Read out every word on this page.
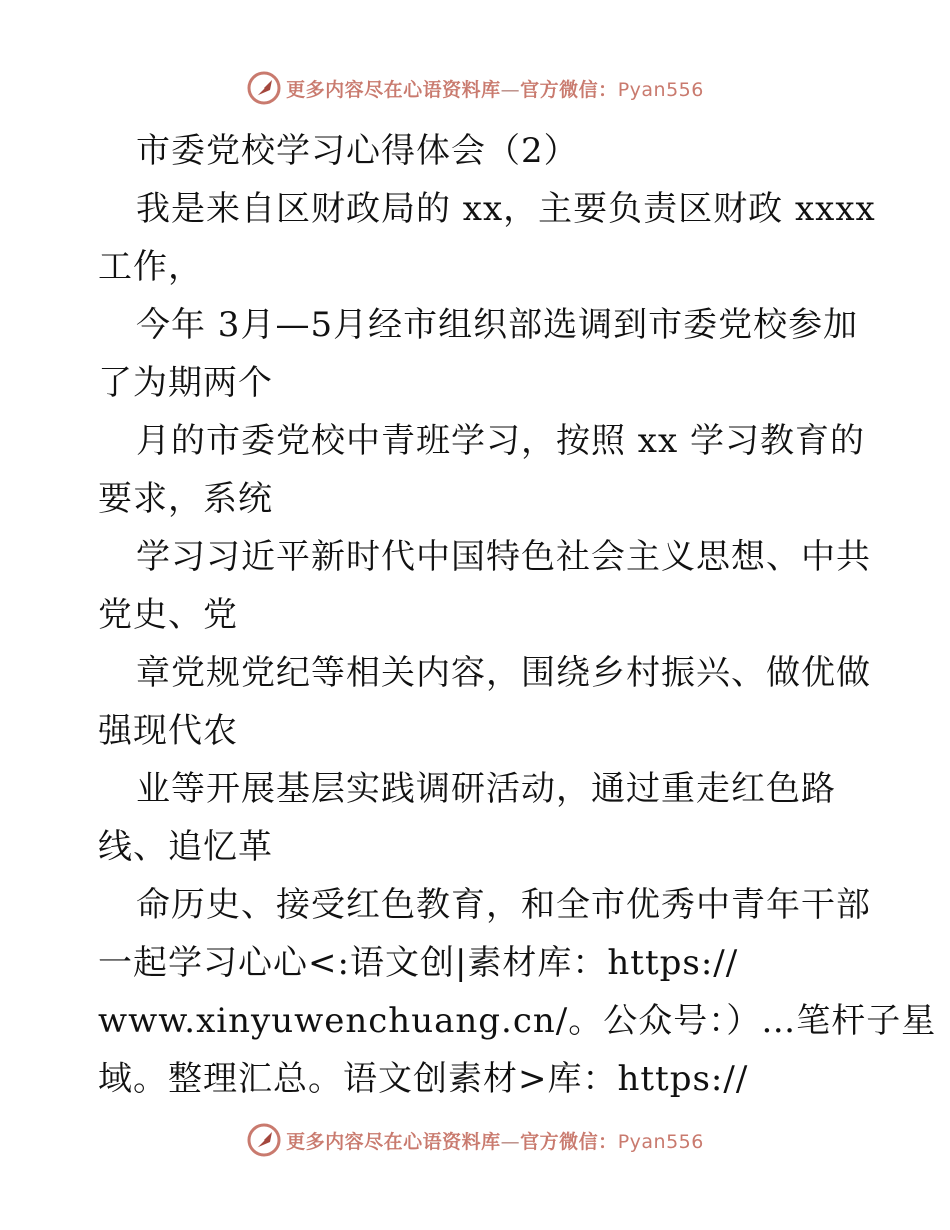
更多内容尽在心语资料库—官方微信：Pyan556
市委党校学习心得体会（2）
我是来自区财政局的 xx，主要负责区财政 xxxx
工作，
今年 3月—5月经市组织部选调到市委党校参加
了为期两个
月的市委党校中青班学习，按照 xx 学习教育的
要求，系统
学习习近平新时代中国特色社会主义思想、中共
党史、党
章党规党纪等相关内容，围绕乡村振兴、做优做
强现代农
业等开展基层实践调研活动，通过重走红色路
线、追忆革
命历史、接受红色教育，和全市优秀中青年干部
一起学习心心<:语文创|素材库：https://
www.xinyuwenchuang.cn/。公众号：）…笔杆子星
域。整理汇总。语文创素材>库：https://
更多内容尽在心语资料库—官方微信：Pyan556
